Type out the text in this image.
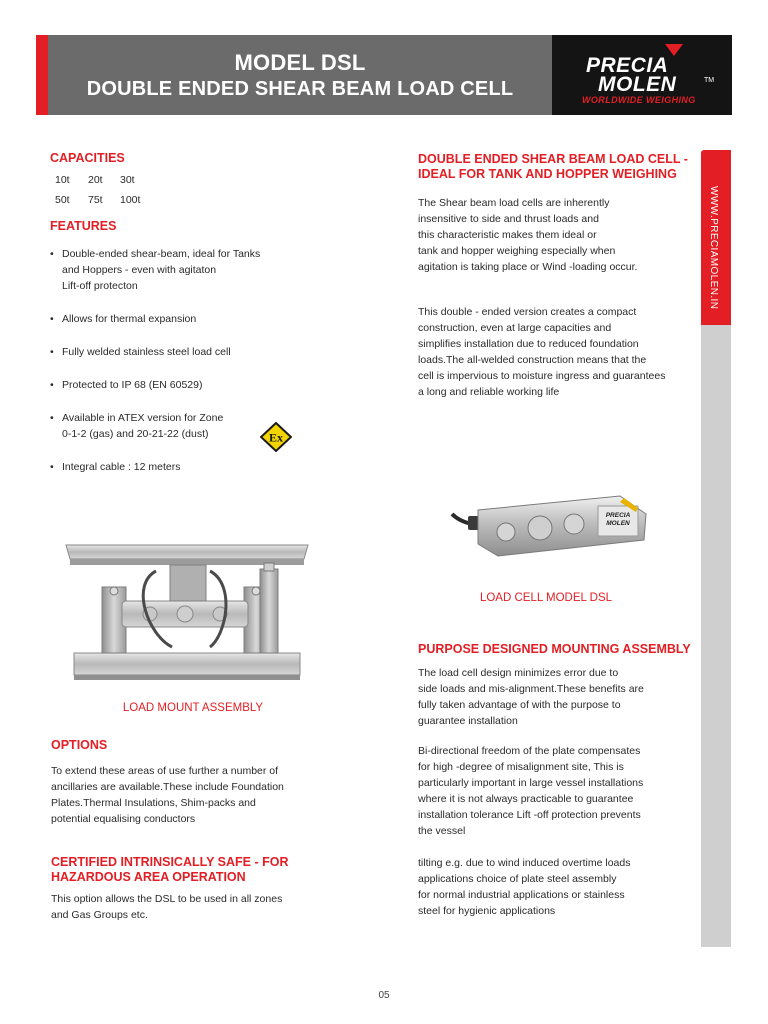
MODEL DSL
DOUBLE ENDED SHEAR BEAM LOAD CELL
PRECIA
MOLEN	TM
WORLDWIDE WEIGHING
WWW.PRECIAMOLEN.IN
CAPACITIES
10t	20t	30t
50t	75t	100t
FEATURES
• Double-ended shear-beam, ideal for Tanks
and Hoppers - even with agitaton
Lift-off protecton
• Allows for thermal expansion
• Fully welded stainless steel load cell
• Protected to IP 68 (EN 60529)
• Available in ATEX version for Zone
0-1-2 (gas) and 20-21-22 (dust)
• Integral cable : 12 meters
Ex
LOAD MOUNT ASSEMBLY
OPTIONS
To extend these areas of use further a number of ancillaries are available.These include Foundation Plates.Thermal Insulations, Shim-packs and potential equalising conductors
CERTIFIED INTRINSICALLY SAFE - FOR HAZARDOUS AREA OPERATION
This option allows the DSL to be used in all zones and Gas Groups etc.
DOUBLE ENDED SHEAR BEAM LOAD CELL - IDEAL FOR TANK AND HOPPER WEIGHING
The Shear beam load cells are inherently
insensitive to side and thrust loads and
this characteristic makes them ideal or
tank and hopper weighing especially when
agitation is taking place or Wind -loading occur.
This double - ended version creates a compact
construction, even at large capacities and
simplifies installation due to reduced foundation
loads.The all-welded construction means that the
cell is impervious to moisture ingress and guarantees
a long and reliable working life
PRECIA
MOLEN
LOAD CELL MODEL DSL
PURPOSE DESIGNED MOUNTING ASSEMBLY
The load cell design minimizes error due to
side loads and mis-alignment.These benefits are
fully taken advantage of with the purpose to
guarantee installation
Bi-directional freedom of the plate compensates
for high -degree of misalignment site, This is
particularly important in large vessel installations
where it is not always practicable to guarantee
installation tolerance Lift -off protection prevents
the vessel
tilting e.g. due to wind induced overtime loads
applications choice of plate steel assembly
for normal industrial applications or stainless
steel for hygienic applications
05
